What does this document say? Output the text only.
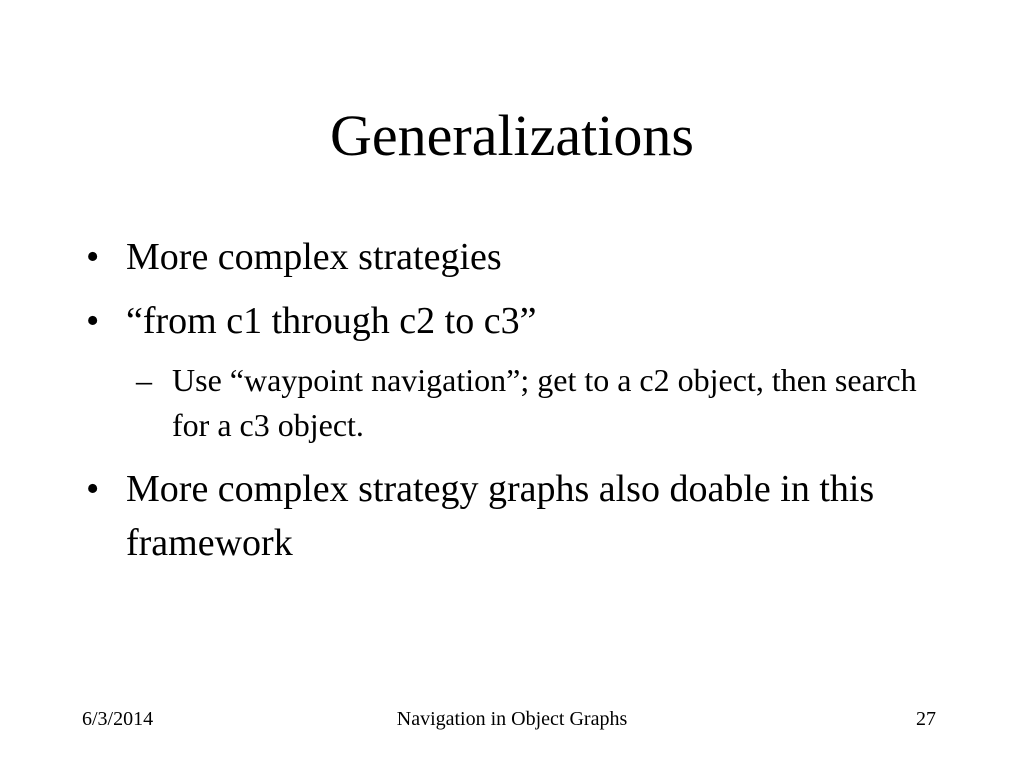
Generalizations
• More complex strategies
• “from c1 through c2 to c3”
– Use “waypoint navigation”; get to a c2 object, then search for a c3 object.
• More complex strategy graphs also doable in this framework
6/3/2014	Navigation in Object Graphs	27
